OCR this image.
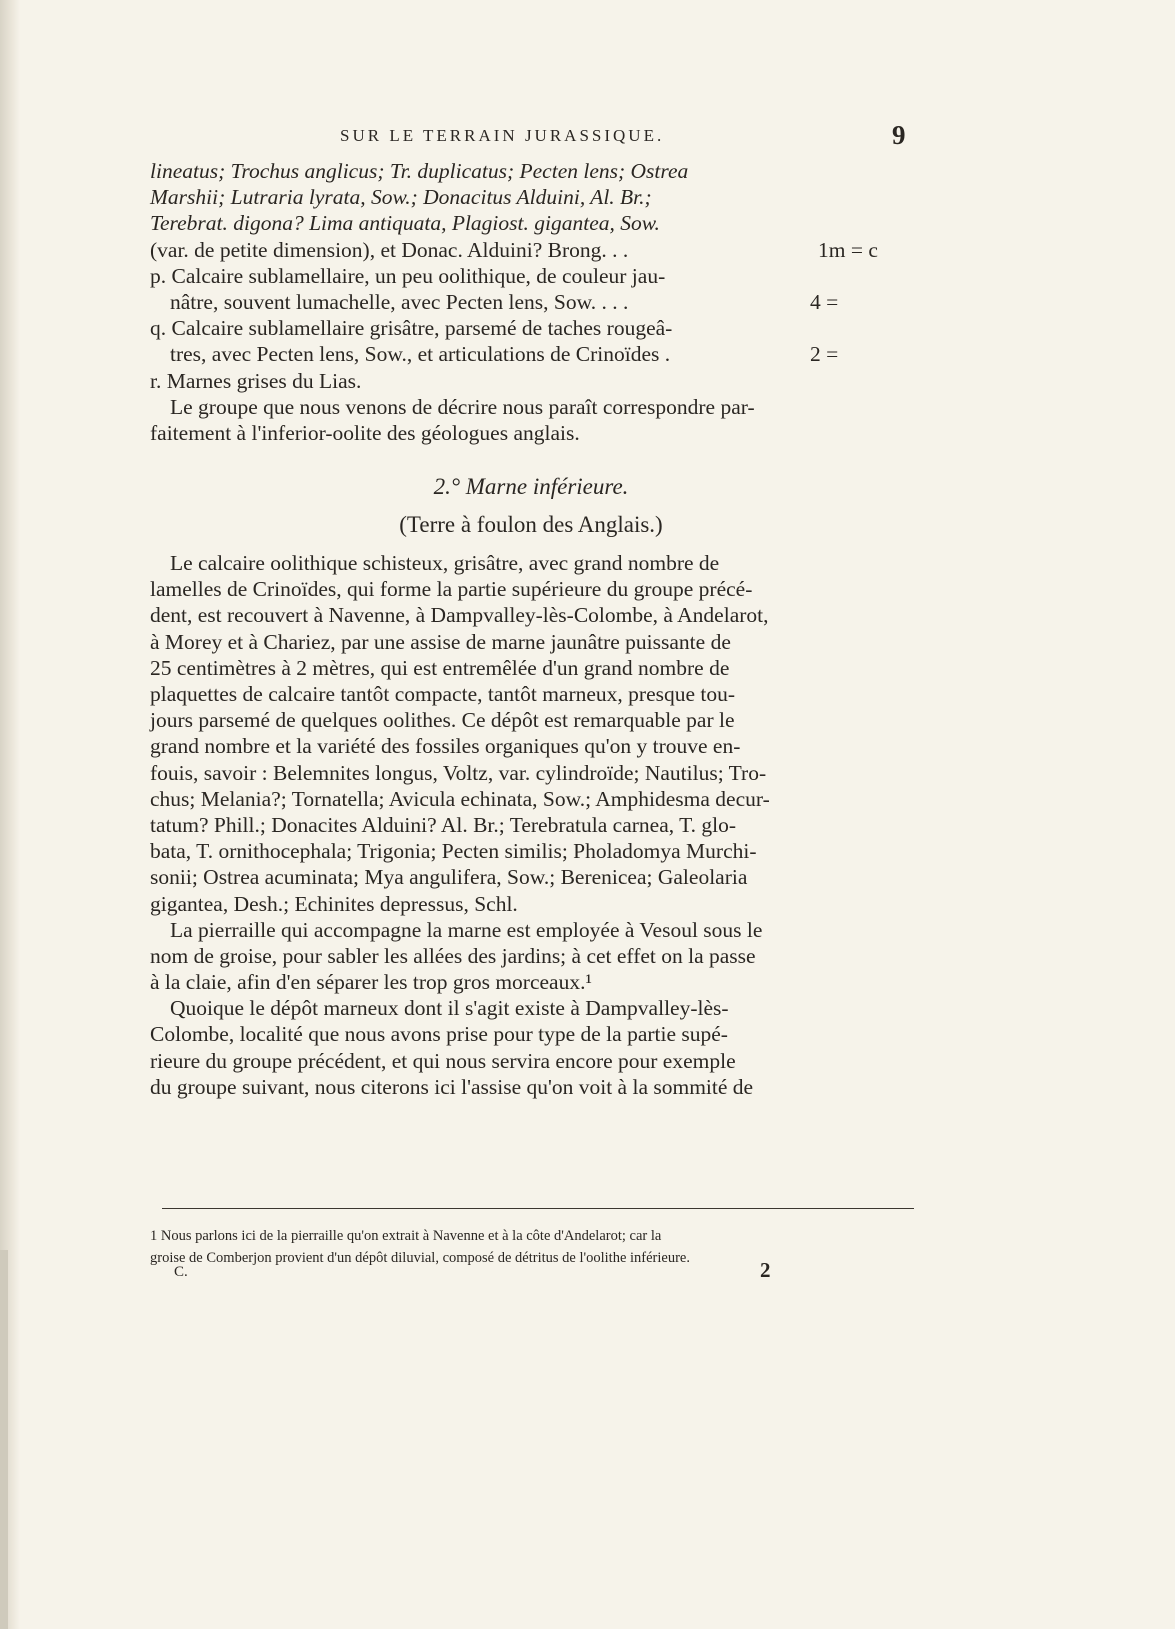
SUR LE TERRAIN JURASSIQUE.	9
lineatus; Trochus anglicus; Tr. duplicatus; Pecten lens; Ostrea
Marshii; Lutraria lyrata, Sow.; Donacitus Alduini, Al. Br.;
Terebrat. digona? Lima antiquata, Plagiost. gigantea, Sow.
(var. de petite dimension), et Donac. Alduini? Brong. . .	1m = c
p. Calcaire sublamellaire, un peu oolithique, de couleur jau-
nâtre, souvent lumachelle, avec Pecten lens, Sow. . . .	4 =
q. Calcaire sublamellaire grisâtre, parsemé de taches rougeâ-
tres, avec Pecten lens, Sow., et articulations de Crinoïdes .	2 =
r. Marnes grises du Lias.
Le groupe que nous venons de décrire nous paraît correspondre par-
faitement à l'inferior-oolite des géologues anglais.
2.° Marne inférieure.
(Terre à foulon des Anglais.)
Le calcaire oolithique schisteux, grisâtre, avec grand nombre de
lamelles de Crinoïdes, qui forme la partie supérieure du groupe précé-
dent, est recouvert à Navenne, à Dampvalley-lès-Colombe, à Andelarot,
à Morey et à Chariez, par une assise de marne jaunâtre puissante de
25 centimètres à 2 mètres, qui est entremêlée d'un grand nombre de
plaquettes de calcaire tantôt compacte, tantôt marneux, presque tou-
jours parsemé de quelques oolithes. Ce dépôt est remarquable par le
grand nombre et la variété des fossiles organiques qu'on y trouve en-
fouis, savoir : Belemnites longus, Voltz, var. cylindroïde; Nautilus; Tro-
chus; Melania?; Tornatella; Avicula echinata, Sow.; Amphidesma decur-
tatum? Phill.; Donacites Alduini? Al. Br.; Terebratula carnea, T. glo-
bata, T. ornithocephala; Trigonia; Pecten similis; Pholadomya Murchi-
sonii; Ostrea acuminata; Mya angulifera, Sow.; Berenicea; Galeolaria
gigantea, Desh.; Echinites depressus, Schl.
La pierraille qui accompagne la marne est employée à Vesoul sous le
nom de groise, pour sabler les allées des jardins; à cet effet on la passe
à la claie, afin d'en séparer les trop gros morceaux.¹
Quoique le dépôt marneux dont il s'agit existe à Dampvalley-lès-
Colombe, localité que nous avons prise pour type de la partie supé-
rieure du groupe précédent, et qui nous servira encore pour exemple
du groupe suivant, nous citerons ici l'assise qu'on voit à la sommité de
1 Nous parlons ici de la pierraille qu'on extrait à Navenne et à la côte d'Andelarot; car la
groise de Comberjon provient d'un dépôt diluvial, composé de détritus de l'oolithe inférieure.
C.	2
